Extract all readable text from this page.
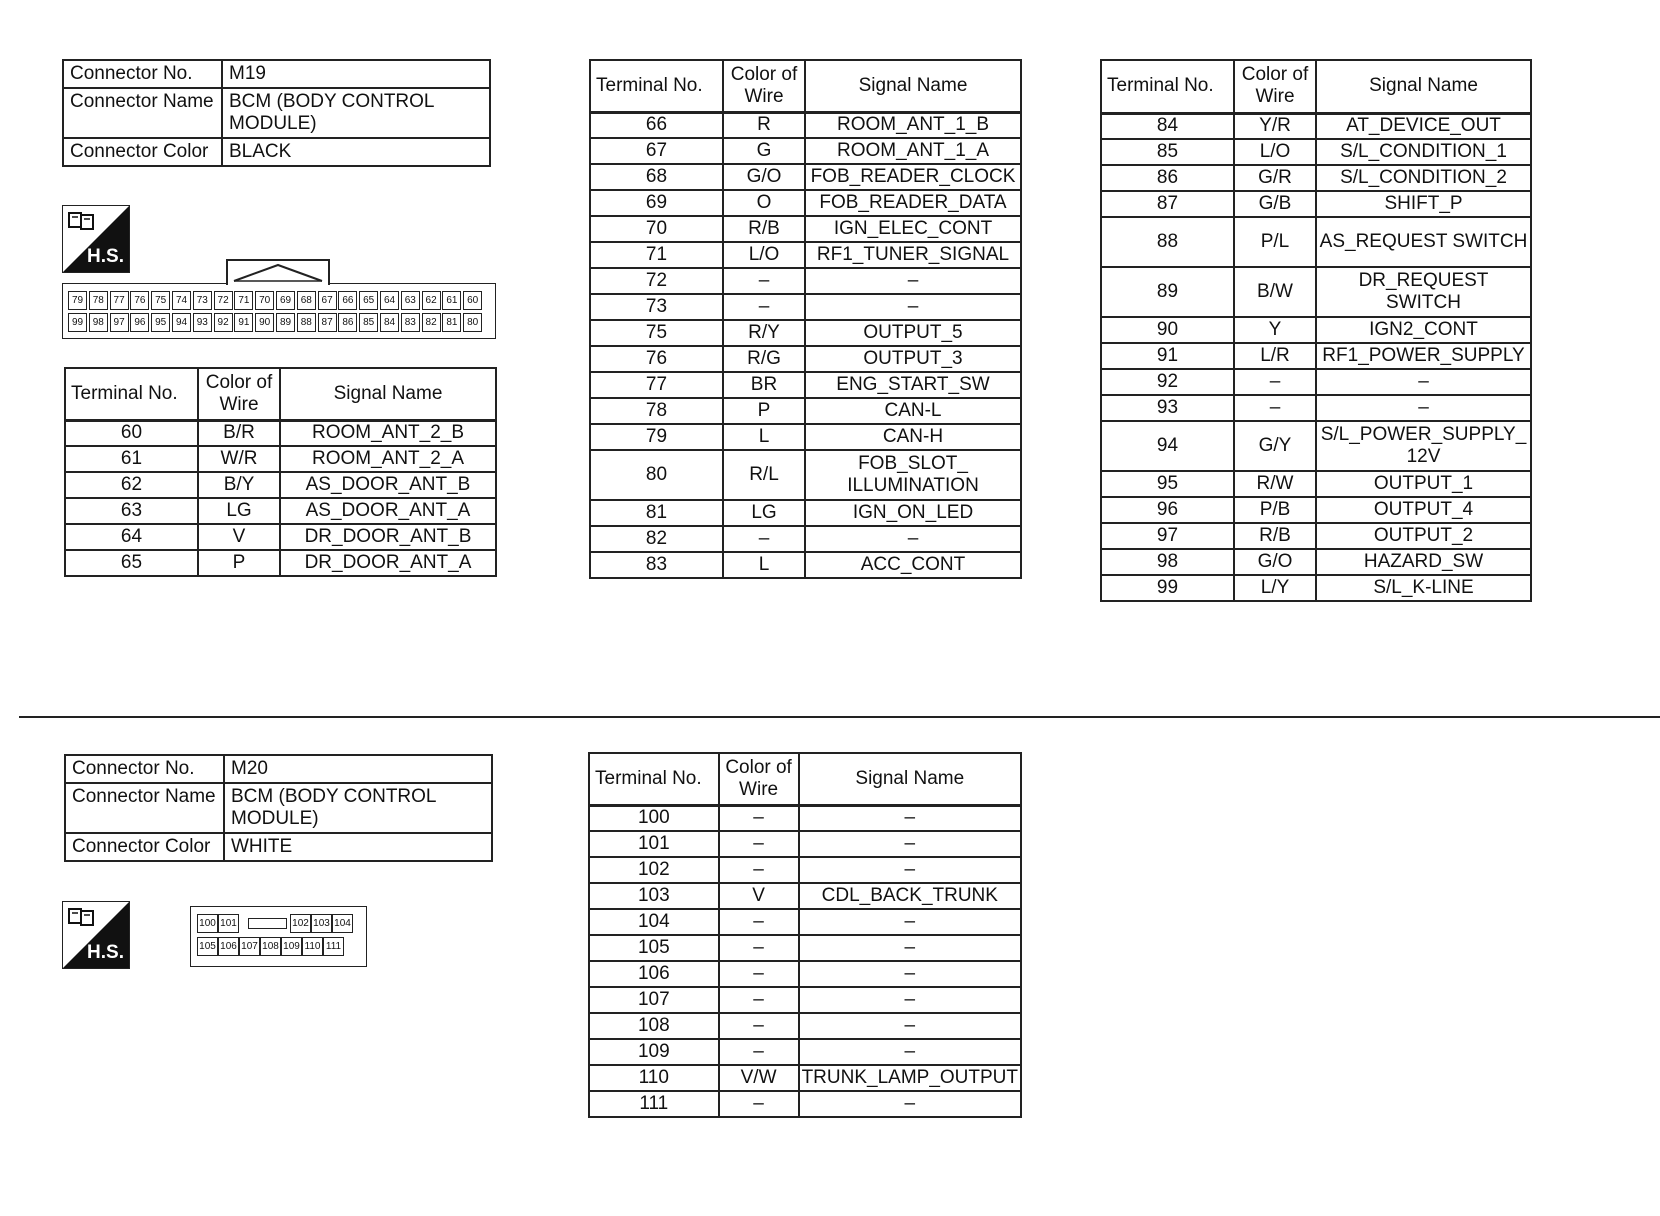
Connector No.	M19
Connector Name	BCM (BODY CONTROL MODULE)
Connector Color	BLACK
H.S.
79 78 77 76 75 74 73 72 71 70 69 68 67 66 65 64 63 62 61 60
99 98 97 96 95 94 93 92 91 90 89 88 87 86 85 84 83 82 81 80
Terminal No.	Color of Wire	Signal Name
60	B/R	ROOM_ANT_2_B
61	W/R	ROOM_ANT_2_A
62	B/Y	AS_DOOR_ANT_B
63	LG	AS_DOOR_ANT_A
64	V	DR_DOOR_ANT_B
65	P	DR_DOOR_ANT_A
Terminal No.	Color of Wire	Signal Name
66	R	ROOM_ANT_1_B
67	G	ROOM_ANT_1_A
68	G/O	FOB_READER_CLOCK
69	O	FOB_READER_DATA
70	R/B	IGN_ELEC_CONT
71	L/O	RF1_TUNER_SIGNAL
72	–	–
73	–	–
75	R/Y	OUTPUT_5
76	R/G	OUTPUT_3
77	BR	ENG_START_SW
78	P	CAN-L
79	L	CAN-H
80	R/L	FOB_SLOT_ ILLUMINATION
81	LG	IGN_ON_LED
82	–	–
83	L	ACC_CONT
Terminal No.	Color of Wire	Signal Name
84	Y/R	AT_DEVICE_OUT
85	L/O	S/L_CONDITION_1
86	G/R	S/L_CONDITION_2
87	G/B	SHIFT_P
88	P/L	AS_REQUEST SWITCH
89	B/W	DR_REQUEST SWITCH
90	Y	IGN2_CONT
91	L/R	RF1_POWER_SUPPLY
92	–	–
93	–	–
94	G/Y	S/L_POWER_SUPPLY_ 12V
95	R/W	OUTPUT_1
96	P/B	OUTPUT_4
97	R/B	OUTPUT_2
98	G/O	HAZARD_SW
99	L/Y	S/L_K-LINE
Connector No.	M20
Connector Name	BCM (BODY CONTROL MODULE)
Connector Color	WHITE
H.S.
100 101	102 103 104
105 106 107 108 109 110 111
Terminal No.	Color of Wire	Signal Name
100	–	–
101	–	–
102	–	–
103	V	CDL_BACK_TRUNK
104	–	–
105	–	–
106	–	–
107	–	–
108	–	–
109	–	–
110	V/W	TRUNK_LAMP_OUTPUT
111	–	–
